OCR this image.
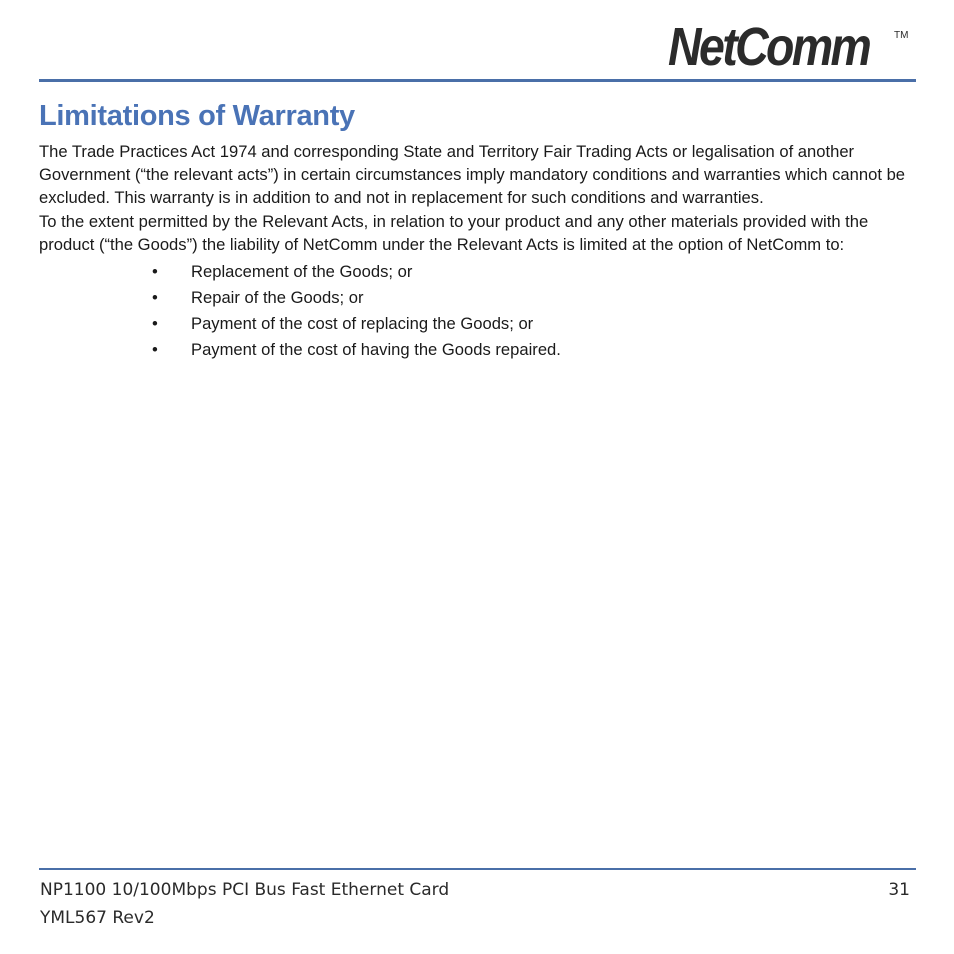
NetComm TM
Limitations of Warranty

The Trade Practices Act 1974 and corresponding State and Territory Fair Trading Acts or legalisation of another Government (“the relevant acts”) in certain circumstances imply mandatory conditions and warranties which cannot be excluded. This warranty is in addition to and not in replacement for such conditions and warranties.

To the extent permitted by the Relevant Acts, in relation to your product and any other materials provided with the product (“the Goods”) the liability of NetComm under the Relevant Acts is limited at the option of NetComm to:

• Replacement of the Goods; or
• Repair of the Goods; or
• Payment of the cost of replacing the Goods; or
• Payment of the cost of having the Goods repaired.
NP1100 10/100Mbps PCI Bus Fast Ethernet Card
YML567 Rev2
31
